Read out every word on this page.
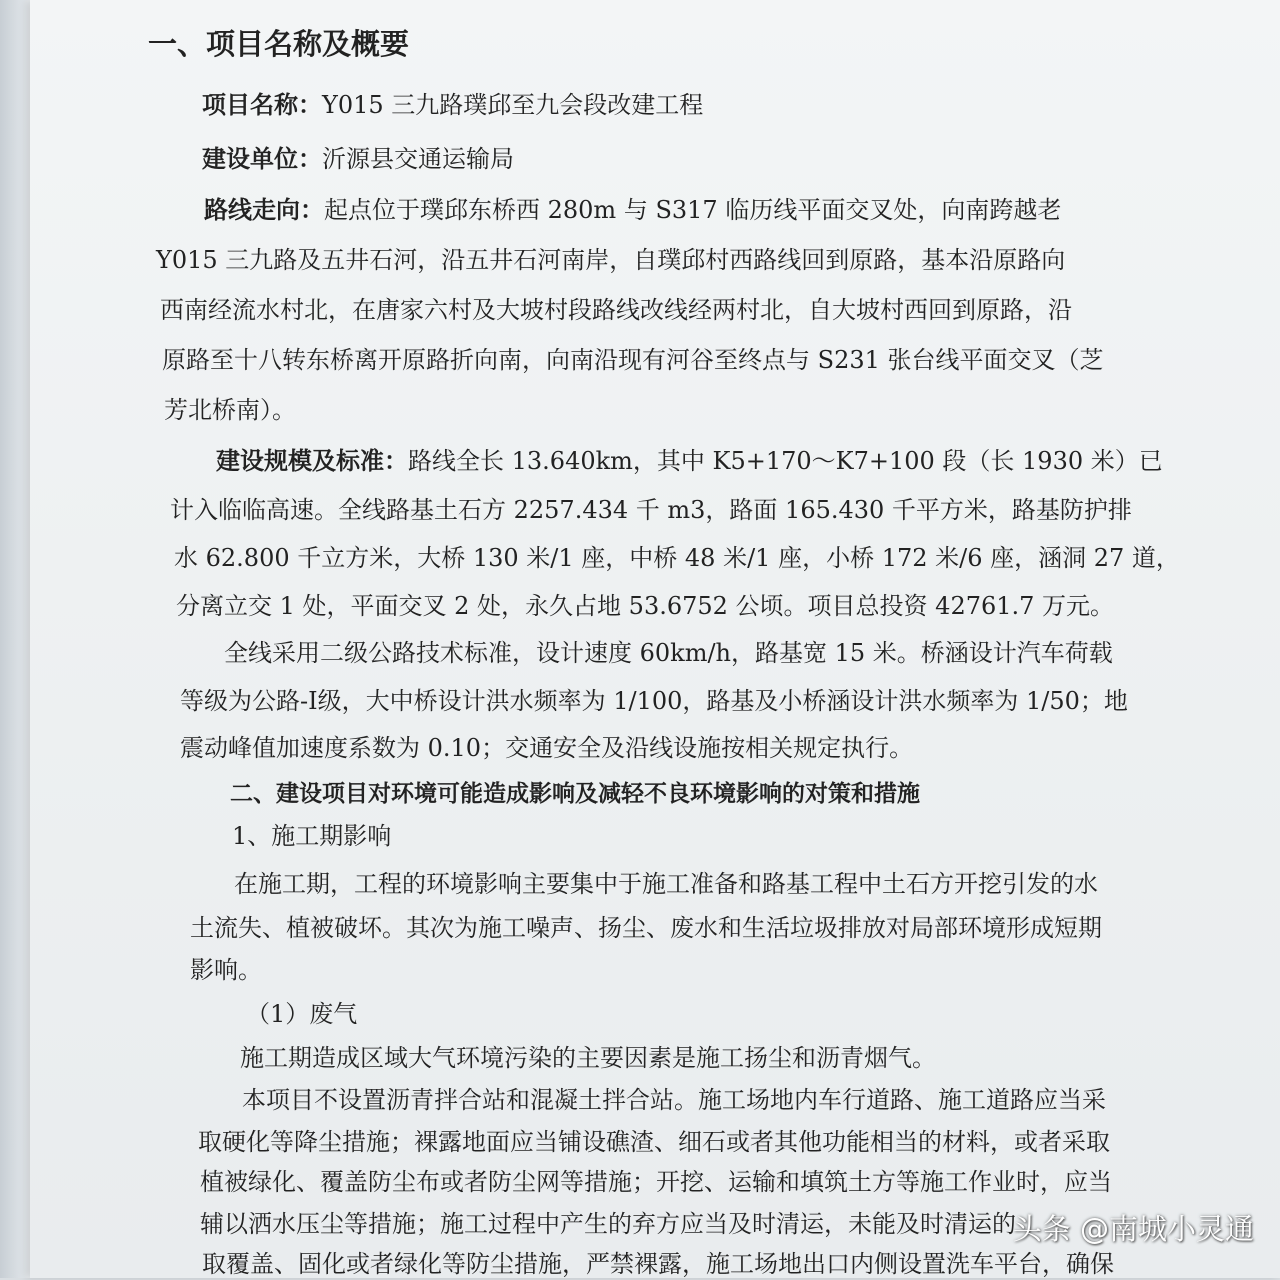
一、项目名称及概要
项目名称：Y015 三九路璞邱至九会段改建工程
建设单位：沂源县交通运输局
路线走向：起点位于璞邱东桥西 280m 与 S317 临历线平面交叉处，向南跨越老
Y015 三九路及五井石河，沿五井石河南岸，自璞邱村西路线回到原路，基本沿原路向
西南经流水村北，在唐家六村及大坡村段路线改线经两村北，自大坡村西回到原路，沿
原路至十八转东桥离开原路折向南，向南沿现有河谷至终点与 S231 张台线平面交叉（芝
芳北桥南）。
建设规模及标准：路线全长 13.640km，其中 K5+170～K7+100 段（长 1930 米）已
计入临临高速。全线路基土石方 2257.434 千 m3，路面 165.430 千平方米，路基防护排
水 62.800 千立方米，大桥 130 米/1 座，中桥 48 米/1 座，小桥 172 米/6 座，涵洞 27 道，
分离立交 1 处，平面交叉 2 处，永久占地 53.6752 公顷。项目总投资 42761.7 万元。
全线采用二级公路技术标准，设计速度 60km/h，路基宽 15 米。桥涵设计汽车荷载
等级为公路-I级，大中桥设计洪水频率为 1/100，路基及小桥涵设计洪水频率为 1/50；地
震动峰值加速度系数为 0.10；交通安全及沿线设施按相关规定执行。
二、建设项目对环境可能造成影响及减轻不良环境影响的对策和措施
1、施工期影响
在施工期，工程的环境影响主要集中于施工准备和路基工程中土石方开挖引发的水
土流失、植被破坏。其次为施工噪声、扬尘、废水和生活垃圾排放对局部环境形成短期
影响。
（1）废气
施工期造成区域大气环境污染的主要因素是施工扬尘和沥青烟气。
本项目不设置沥青拌合站和混凝土拌合站。施工场地内车行道路、施工道路应当采
取硬化等降尘措施；裸露地面应当铺设礁渣、细石或者其他功能相当的材料，或者采取
植被绿化、覆盖防尘布或者防尘网等措施；开挖、运输和填筑土方等施工作业时，应当
辅以洒水压尘等措施；施工过程中产生的弃方应当及时清运，未能及时清运的
取覆盖、固化或者绿化等防尘措施，严禁裸露，施工场地出口内侧设置洗车平台，确保
头条 @南城小灵通
